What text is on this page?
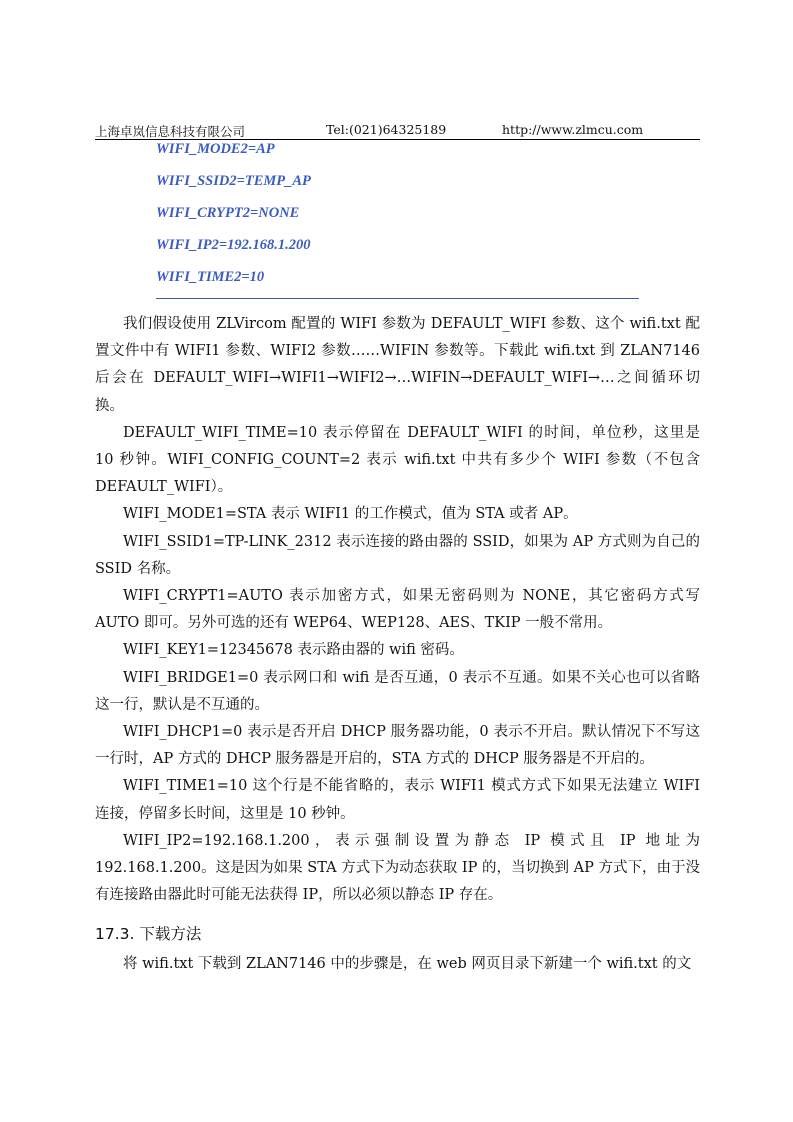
上海卓岚信息科技有限公司	Tel:(021)64325189	http://www.zlmcu.com
WIFI_MODE2=AP
WIFI_SSID2=TEMP_AP
WIFI_CRYPT2=NONE
WIFI_IP2=192.168.1.200
WIFI_TIME2=10

我们假设使用 ZLVircom 配置的 WIFI 参数为 DEFAULT_WIFI 参数、这个 wifi.txt 配置文件中有 WIFI1 参数、WIFI2 参数……WIFIN 参数等。下载此 wifi.txt 到 ZLAN7146 后会在 DEFAULT_WIFI→WIFI1→WIFI2→…WIFIN→DEFAULT_WIFI→…之间循环切换。

DEFAULT_WIFI_TIME=10 表示停留在 DEFAULT_WIFI 的时间，单位秒，这里是 10 秒钟。WIFI_CONFIG_COUNT=2 表示 wifi.txt 中共有多少个 WIFI 参数（不包含 DEFAULT_WIFI）。

WIFI_MODE1=STA 表示 WIFI1 的工作模式，值为 STA 或者 AP。

WIFI_SSID1=TP-LINK_2312 表示连接的路由器的 SSID，如果为 AP 方式则为自己的 SSID 名称。

WIFI_CRYPT1=AUTO 表示加密方式，如果无密码则为 NONE，其它密码方式写 AUTO 即可。另外可选的还有 WEP64、WEP128、AES、TKIP 一般不常用。

WIFI_KEY1=12345678 表示路由器的 wifi 密码。

WIFI_BRIDGE1=0 表示网口和 wifi 是否互通，0 表示不互通。如果不关心也可以省略这一行，默认是不互通的。

WIFI_DHCP1=0 表示是否开启 DHCP 服务器功能，0 表示不开启。默认情况下不写这一行时，AP 方式的 DHCP 服务器是开启的，STA 方式的 DHCP 服务器是不开启的。

WIFI_TIME1=10 这个行是不能省略的，表示 WIFI1 模式方式下如果无法建立 WIFI 连接，停留多长时间，这里是 10 秒钟。

WIFI_IP2=192.168.1.200，表示强制设置为静态 IP 模式且 IP 地址为 192.168.1.200。这是因为如果 STA 方式下为动态获取 IP 的，当切换到 AP 方式下，由于没有连接路由器此时可能无法获得 IP，所以必须以静态 IP 存在。

17.3. 下载方法

将 wifi.txt 下载到 ZLAN7146 中的步骤是，在 web 网页目录下新建一个 wifi.txt 的文
